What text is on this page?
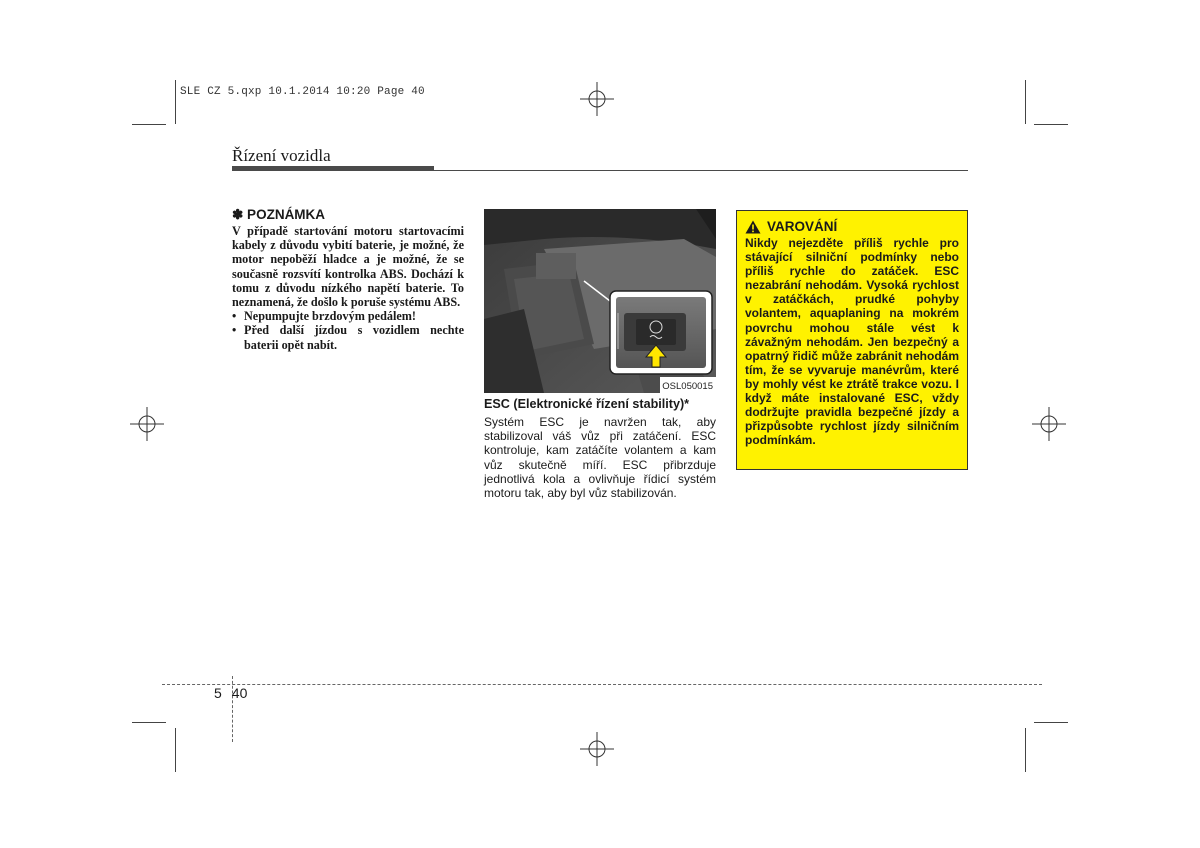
SLE CZ 5.qxp 10.1.2014 10:20 Page 40
Řízení vozidla
✽ POZNÁMKA

V případě startování motoru startovacími kabely z důvodu vybití baterie, je možné, že motor nepoběží hladce a je možné, že se současně rozsvítí kontrolka ABS. Dochází k tomu z důvodu nízkého napětí baterie. To neznamená, že došlo k poruše systému ABS.

• Nepumpujte brzdovým pedálem!
• Před další jízdou s vozidlem nechte baterii opět nabít.
OSL050015
ESC (Elektronické řízení stability)*

Systém ESC je navržen tak, aby stabilizoval váš vůz při zatáčení. ESC kontroluje, kam zatáčíte volantem a kam vůz skutečně míří. ESC přibrzduje jednotlivá kola a ovlivňuje řídicí systém motoru tak, aby byl vůz stabilizován.

VAROVÁNÍ

Nikdy nejezděte příliš rychle pro stávající silniční podmínky nebo příliš rychle do zatáček. ESC nezabrání nehodám. Vysoká rychlost v zatáčkách, prudké pohyby volantem, aquaplaning na mokrém povrchu mohou stále vést k závažným nehodám. Jen bezpečný a opatrný řidič může zabránit nehodám tím, že se vyvaruje manévrům, které by mohly vést ke ztrátě trakce vozu. I když máte instalované ESC, vždy dodržujte pravidla bezpečné jízdy a přizpůsobte rychlost jízdy silničním podmínkám.

5 40
